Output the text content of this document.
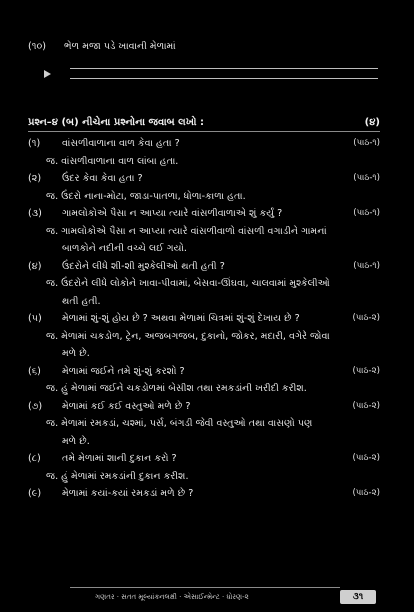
(૧૦) ભેળ મજા પડે ખાવાની મેળામાં
પ્રશ્ન–૪ (બ) નીચેના પ્રશ્નોના જવાબ લખો :	(૪)
(૧) વાંસળીવાળાના વાળ કેવા હતા ?	(પાઠ-૧)
જ. વાંસળીવાળાના વાળ લાંબા હતા.
(૨) ઉંદર કેવા કેવા હતા ?	(પાઠ-૧)
જ. ઉંદરો નાના-મોટા, જાડા-પાતળા, ધોળા-કાળા હતા.
(૩) ગામલોકોએ પૈસા ન આપ્યા ત્યારે વાંસળીવાળાએ શું કર્યું ?	(પાઠ-૧)
જ. ગામલોકોએ પૈસા ન આપ્યા ત્યારે વાંસળીવાળો વાંસળી વગાડીને ગામનાં
બાળકોને નદીની વચ્ચે લઈ ગયો.
(૪) ઉંદરોને લીધે શી-શી મુશ્કેલીઓ થતી હતી ?	(પાઠ-૧)
જ. ઉંદરોને લીધે લોકોને ખાવા-પીવામાં, બેસવા-ઊંઘવા, ચાલવામાં મુશ્કેલીઓ
થતી હતી.
(૫) મેળામાં શું-શું હોય છે ? અથવા મેળામાં ચિત્રમાં શું-શું દેખાય છે ?	(પાઠ-૨)
જ. મેળામાં ચકડોળ, ટ્રેન, અજબગજબ, દુકાનો, જોકર, મદારી, વગેરે જોવા
મળે છે.
(૬) મેળામાં જઈને તમે શું-શું કરશો ?	(પાઠ-૨)
જ. હું મેળામાં જઈને ચકડોળમાં બેસીશ તથા રમકડાંની ખરીદી કરીશ.
(૭) મેળામાં કઈ કઈ વસ્તુઓ મળે છે ?	(પાઠ-૨)
જ. મેળામાં રમકડાં, ચશ્માં, પર્સ, બંગડી જેવી વસ્તુઓ તથા વાસણો પણ
મળે છે.
(૮) તમે મેળામાં શાની દુકાન કરો ?	(પાઠ-૨)
જ. હું મેળામાં રમકડાંની દુકાન કરીશ.
(૯) મેળામાં કયાં-કયાં રમકડાં મળે છે ?	(પાઠ-૨)
ગણતર · સતત મૂલ્યાંકનલક્ષી · એસાઈન્મેન્ટ · ધોરણ-૨	૩૧
